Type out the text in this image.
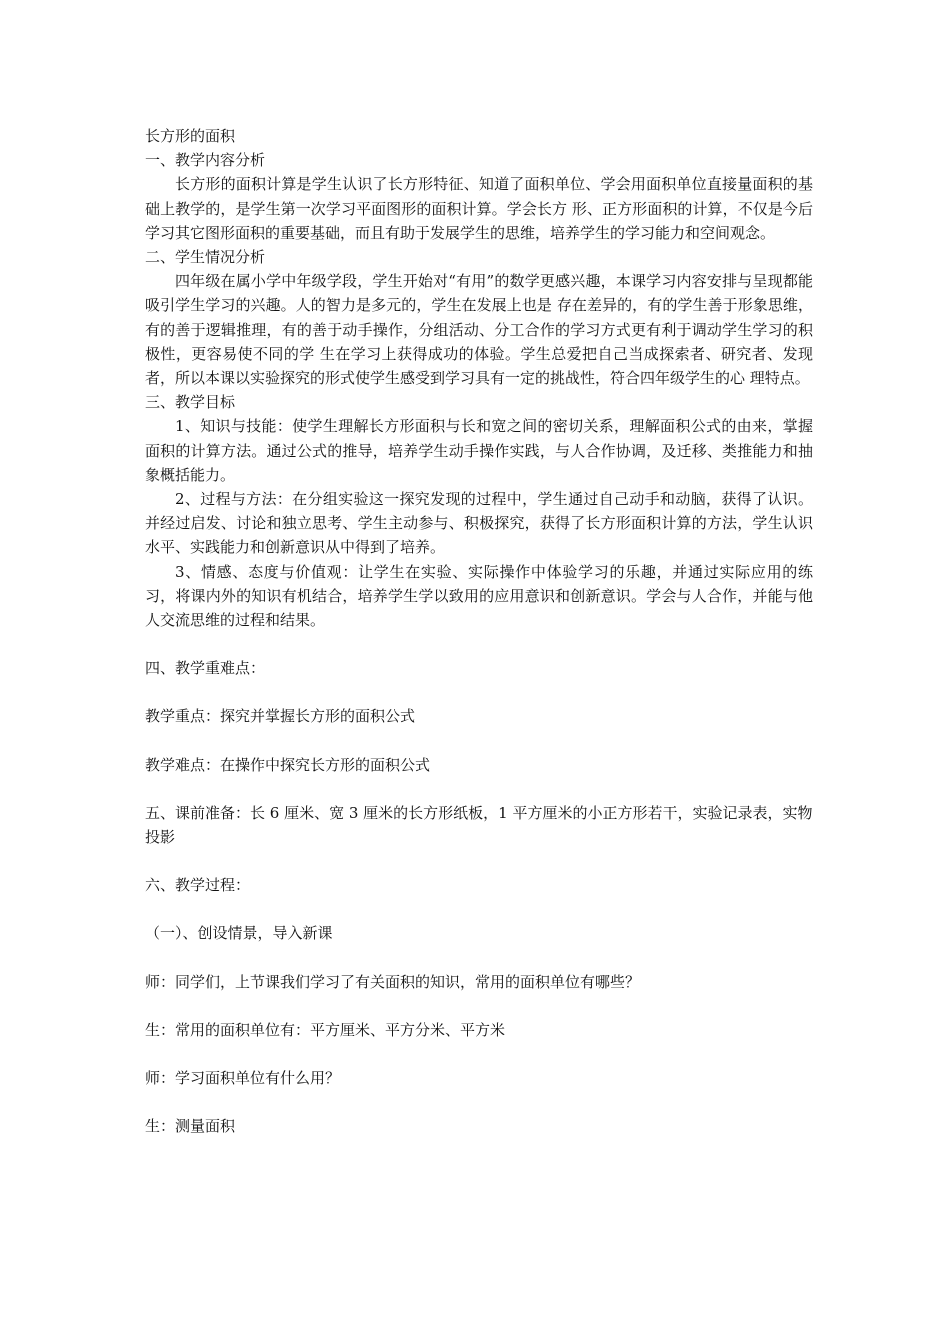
长方形的面积

一、教学内容分析

长方形的面积计算是学生认识了长方形特征、知道了面积单位、学会用面积单位直接量面积的基础上教学的，是学生第一次学习平面图形的面积计算。学会长方 形、正方形面积的计算，不仅是今后学习其它图形面积的重要基础，而且有助于发展学生的思维，培养学生的学习能力和空间观念。

二、学生情况分析

四年级在属小学中年级学段，学生开始对“有用”的数学更感兴趣，本课学习内容安排与呈现都能吸引学生学习的兴趣。人的智力是多元的，学生在发展上也是 存在差异的，有的学生善于形象思维，有的善于逻辑推理，有的善于动手操作，分组活动、分工合作的学习方式更有利于调动学生学习的积极性，更容易使不同的学 生在学习上获得成功的体验。学生总爱把自己当成探索者、研究者、发现者，所以本课以实验探究的形式使学生感受到学习具有一定的挑战性，符合四年级学生的心 理特点。

三、教学目标

1、知识与技能：使学生理解长方形面积与长和宽之间的密切关系，理解面积公式的由来，掌握面积的计算方法。通过公式的推导，培养学生动手操作实践，与人合作协调，及迁移、类推能力和抽象概括能力。

2、过程与方法：在分组实验这一探究发现的过程中，学生通过自己动手和动脑，获得了认识。并经过启发、讨论和独立思考、学生主动参与、积极探究，获得了长方形面积计算的方法，学生认识水平、实践能力和创新意识从中得到了培养。

3、情感、态度与价值观：让学生在实验、实际操作中体验学习的乐趣，并通过实际应用的练习，将课内外的知识有机结合，培养学生学以致用的应用意识和创新意识。学会与人合作，并能与他人交流思维的过程和结果。

四、教学重难点：

教学重点：探究并掌握长方形的面积公式

教学难点：在操作中探究长方形的面积公式

五、课前准备：长 6 厘米、宽 3 厘米的长方形纸板，1 平方厘米的小正方形若干，实验记录表，实物投影

六、教学过程：

（一）、创设情景，导入新课

师：同学们，上节课我们学习了有关面积的知识，常用的面积单位有哪些？

生：常用的面积单位有：平方厘米、平方分米、平方米

师：学习面积单位有什么用？

生：测量面积
